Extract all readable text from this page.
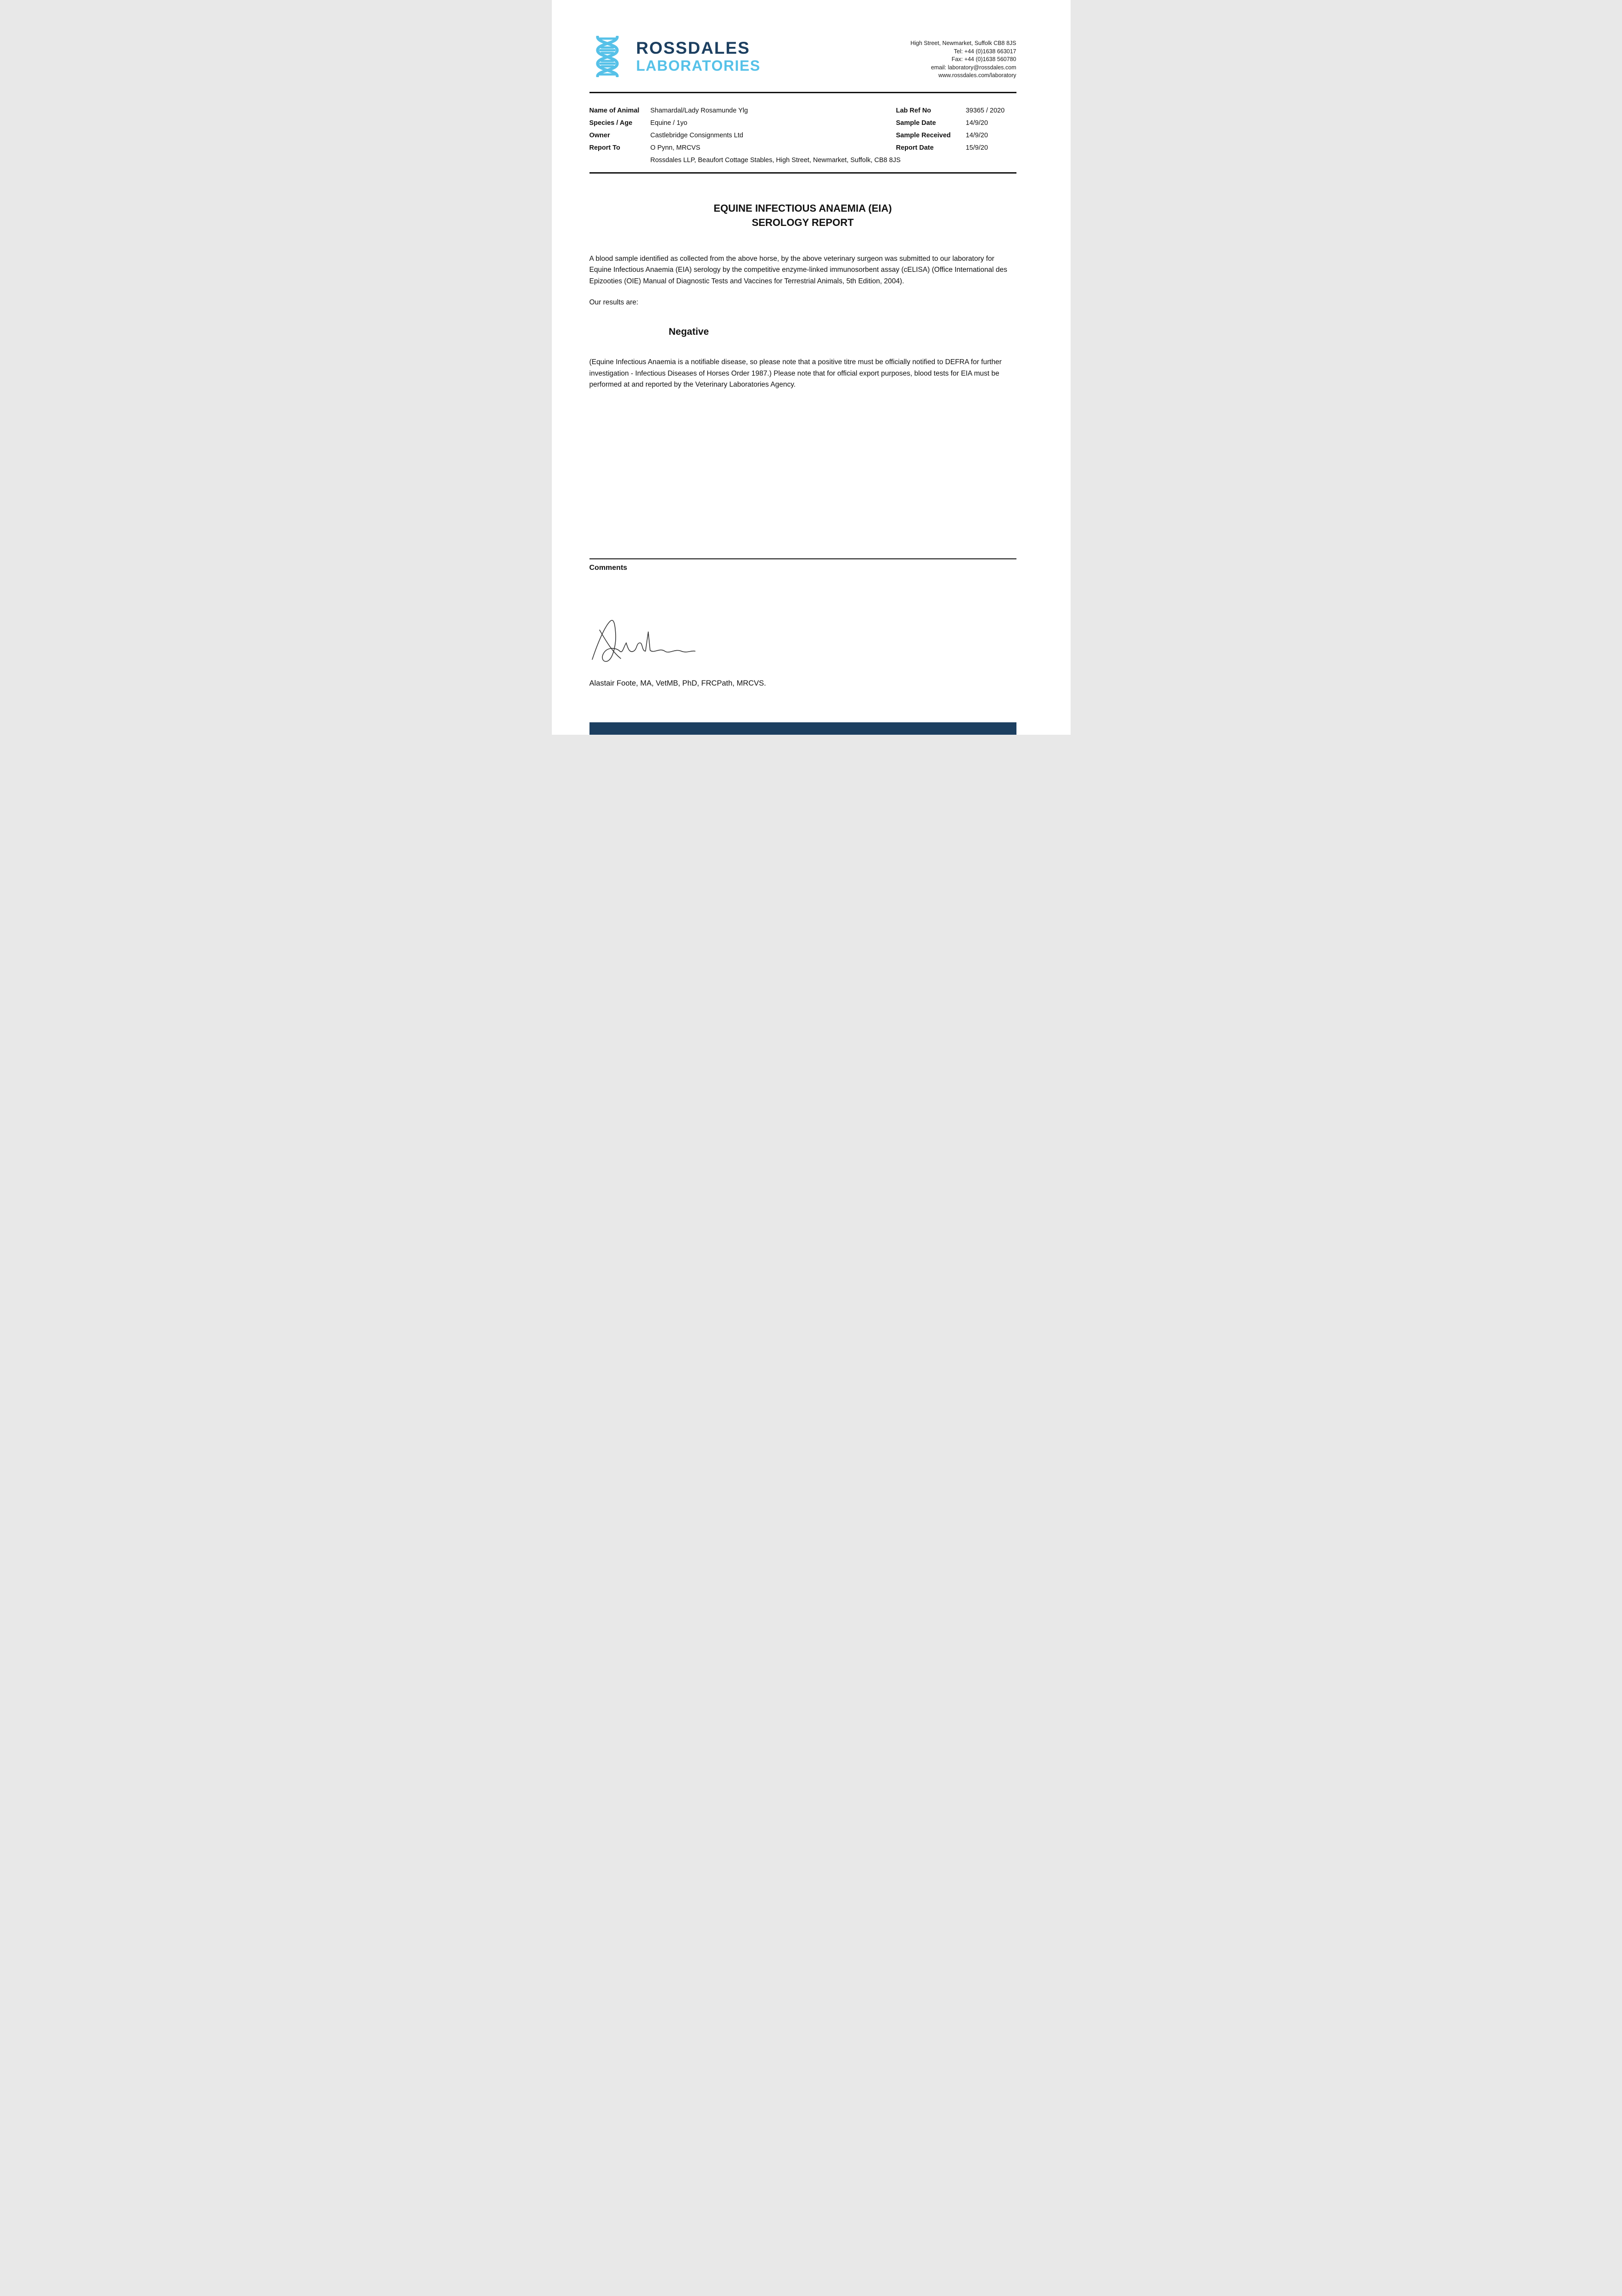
ROSSDALES
LABORATORIES
High Street, Newmarket, Suffolk CB8 8JS
Tel: +44 (0)1638 663017
Fax: +44 (0)1638 560780
email: laboratory@rossdales.com
www.rossdales.com/laboratory
Name of Animal	Shamardal/Lady Rosamunde Ylg	Lab Ref No	39365 / 2020
Species / Age	Equine / 1yo	Sample Date	14/9/20
Owner	Castlebridge Consignments Ltd	Sample Received	14/9/20
Report To	O Pynn, MRCVS	Report Date	15/9/20
Rossdales LLP, Beaufort Cottage Stables, High Street, Newmarket, Suffolk, CB8 8JS
EQUINE INFECTIOUS ANAEMIA (EIA)
SEROLOGY REPORT
A blood sample identified as collected from the above horse, by the above veterinary surgeon was submitted to our laboratory for Equine Infectious Anaemia (EIA) serology by the competitive enzyme-linked immunosorbent assay (cELISA) (Office International des Epizooties (OIE) Manual of Diagnostic Tests and Vaccines for Terrestrial Animals, 5th Edition, 2004).
Our results are:
Negative
(Equine Infectious Anaemia is a notifiable disease, so please note that a positive titre must be officially notified to DEFRA for further investigation - Infectious Diseases of Horses Order 1987.) Please note that for official export purposes, blood tests for EIA must be performed at and reported by the Veterinary Laboratories Agency.
Comments
Alastair Foote, MA, VetMB, PhD, FRCPath, MRCVS.
